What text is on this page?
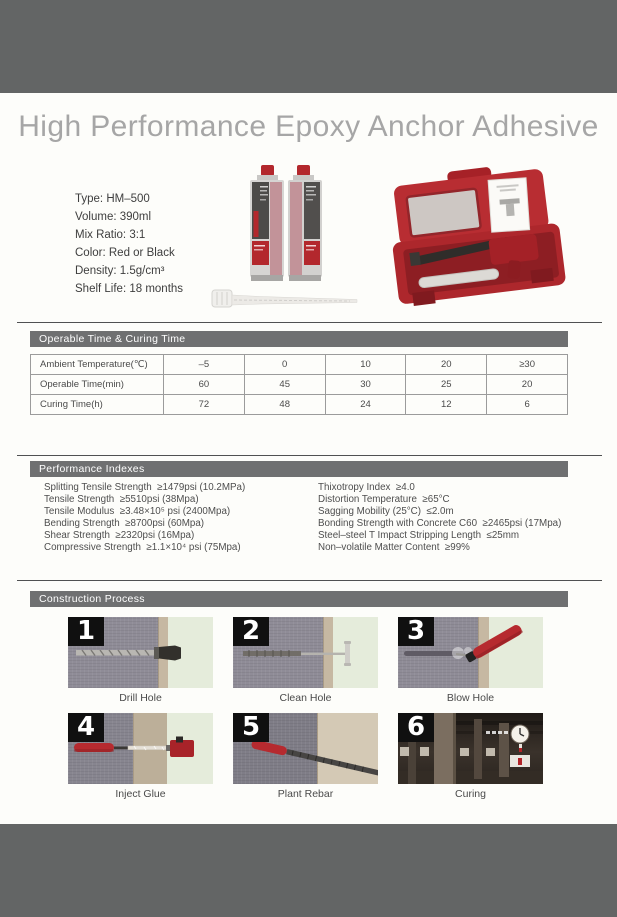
High Performance Epoxy Anchor Adhesive
Type: HM–500
Volume: 390ml
Mix Ratio: 3:1
Color: Red or Black
Density: 1.5g/cm³
Shelf Life: 18 months
Operable Time & Curing Time
Ambient Temperature(℃)	–5	0	10	20	≥30
Operable Time(min)	60	45	30	25	20
Curing Time(h)	72	48	24	12	6
Performance Indexes
Splitting Tensile Strength  ≥1479psi (10.2MPa)
Tensile Strength  ≥5510psi (38Mpa)
Tensile Modulus  ≥3.48×10⁵ psi (2400Mpa)
Bending Strength  ≥8700psi (60Mpa)
Shear Strength  ≥2320psi (16Mpa)
Compressive Strength  ≥1.1×10⁴ psi (75Mpa)
Thixotropy Index  ≥4.0
Distortion Temperature  ≥65°C
Sagging Mobility (25°C)  ≤2.0m
Bonding Strength with Concrete C60  ≥2465psi (17Mpa)
Steel–steel T Impact Stripping Length  ≤25mm
Non–volatile Matter Content  ≥99%
Construction Process
1
Drill Hole
2
Clean Hole
3
Blow Hole
4
Inject Glue
5
Plant Rebar
6
Curing
